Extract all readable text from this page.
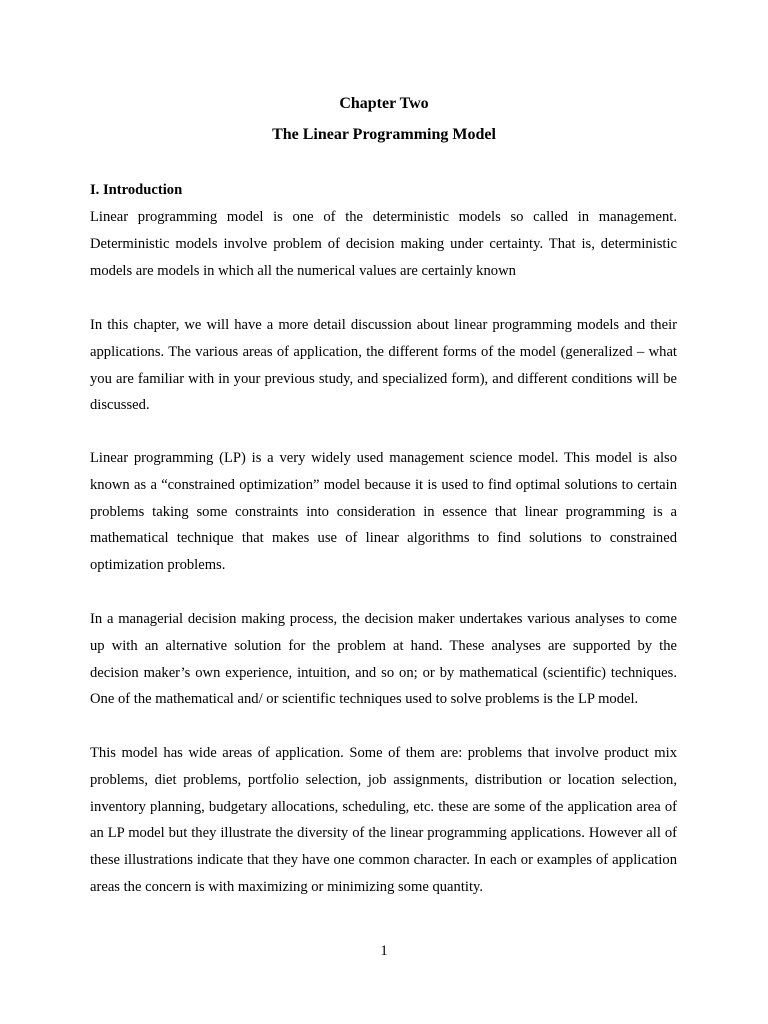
Chapter Two
The Linear Programming Model
I. Introduction

Linear programming model is one of the deterministic models so called in management. Deterministic models involve problem of decision making under certainty. That is, deterministic models are models in which all the numerical values are certainly known

In this chapter, we will have a more detail discussion about linear programming models and their applications. The various areas of application, the different forms of the model (generalized – what you are familiar with in your previous study, and specialized form), and different conditions will be discussed.

Linear programming (LP) is a very widely used management science model. This model is also known as a “constrained optimization” model because it is used to find optimal solutions to certain problems taking some constraints into consideration in essence that linear programming is a mathematical technique that makes use of linear algorithms to find solutions to constrained optimization problems.

In a managerial decision making process, the decision maker undertakes various analyses to come up with an alternative solution for the problem at hand. These analyses are supported by the decision maker’s own experience, intuition, and so on; or by mathematical (scientific) techniques. One of the mathematical and/ or scientific techniques used to solve problems is the LP model.

This model has wide areas of application. Some of them are: problems that involve product mix problems, diet problems, portfolio selection, job assignments, distribution or location selection, inventory planning, budgetary allocations, scheduling, etc. these are some of the application area of an LP model but they illustrate the diversity of the linear programming applications. However all of these illustrations indicate that they have one common character. In each or examples of application areas the concern is with maximizing or minimizing some quantity.

1
